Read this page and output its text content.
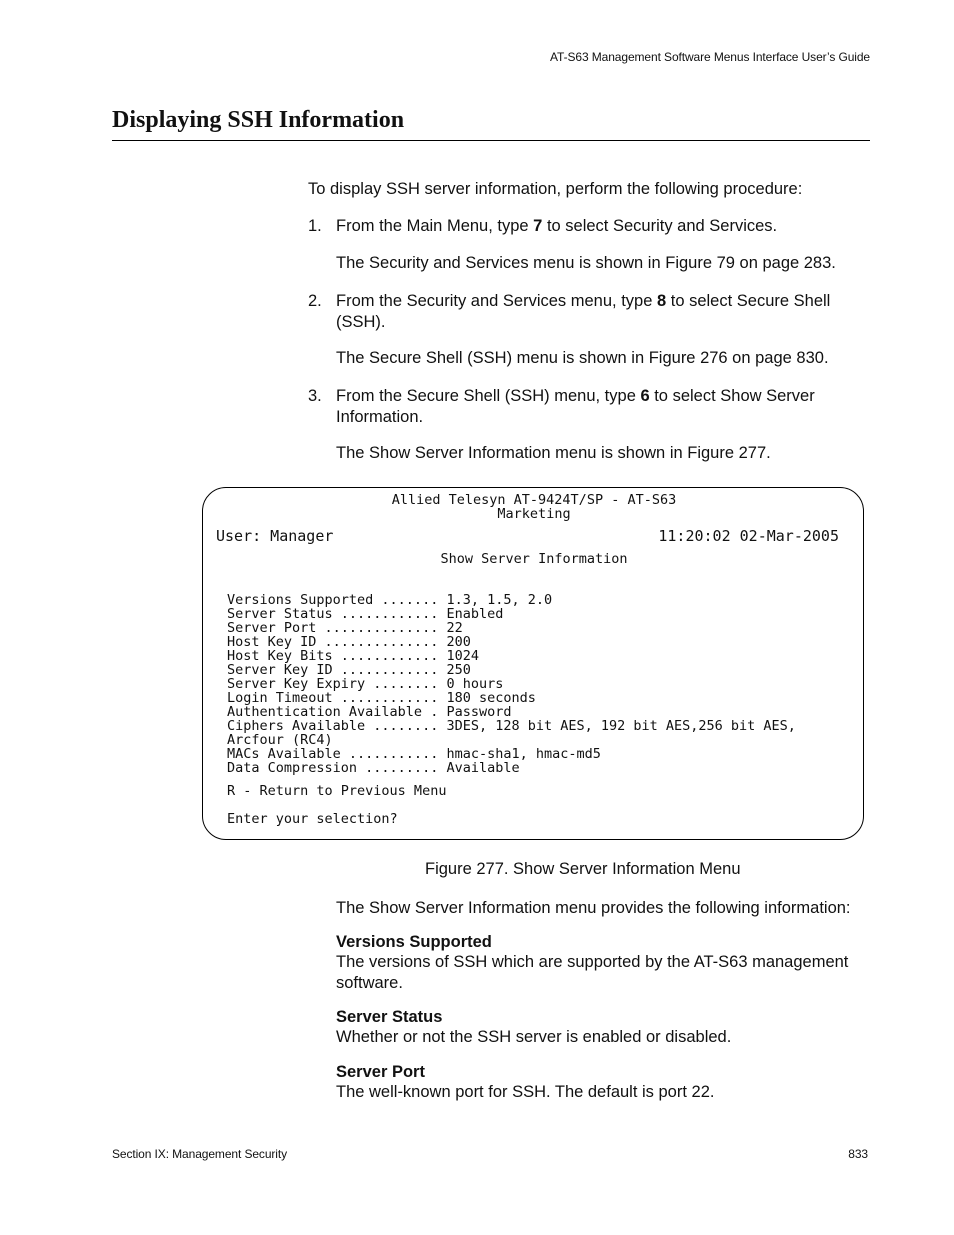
AT-S63 Management Software Menus Interface User’s Guide
Displaying SSH Information

To display SSH server information, perform the following procedure:

1. From the Main Menu, type 7 to select Security and Services.

The Security and Services menu is shown in Figure 79 on page 283.

2. From the Security and Services menu, type 8 to select Secure Shell (SSH).

The Secure Shell (SSH) menu is shown in Figure 276 on page 830.

3. From the Secure Shell (SSH) menu, type 6 to select Show Server Information.

The Show Server Information menu is shown in Figure 277.

Allied Telesyn AT-9424T/SP - AT-S63
Marketing
User: Manager	11:20:02 02-Mar-2005
Show Server Information
Versions Supported ....... 1.3, 1.5, 2.0
Server Status ............ Enabled
Server Port .............. 22
Host Key ID .............. 200
Host Key Bits ............ 1024
Server Key ID ............ 250
Server Key Expiry ........ 0 hours
Login Timeout ............ 180 seconds
Authentication Available . Password
Ciphers Available ........ 3DES, 128 bit AES, 192 bit AES,256 bit AES,
Arcfour (RC4)
MACs Available ........... hmac-sha1, hmac-md5
Data Compression ......... Available
R - Return to Previous Menu
Enter your selection?
Figure 277. Show Server Information Menu

The Show Server Information menu provides the following information:

Versions Supported

The versions of SSH which are supported by the AT-S63 management software.

Server Status

Whether or not the SSH server is enabled or disabled.

Server Port

The well-known port for SSH. The default is port 22.

Section IX: Management Security	833
